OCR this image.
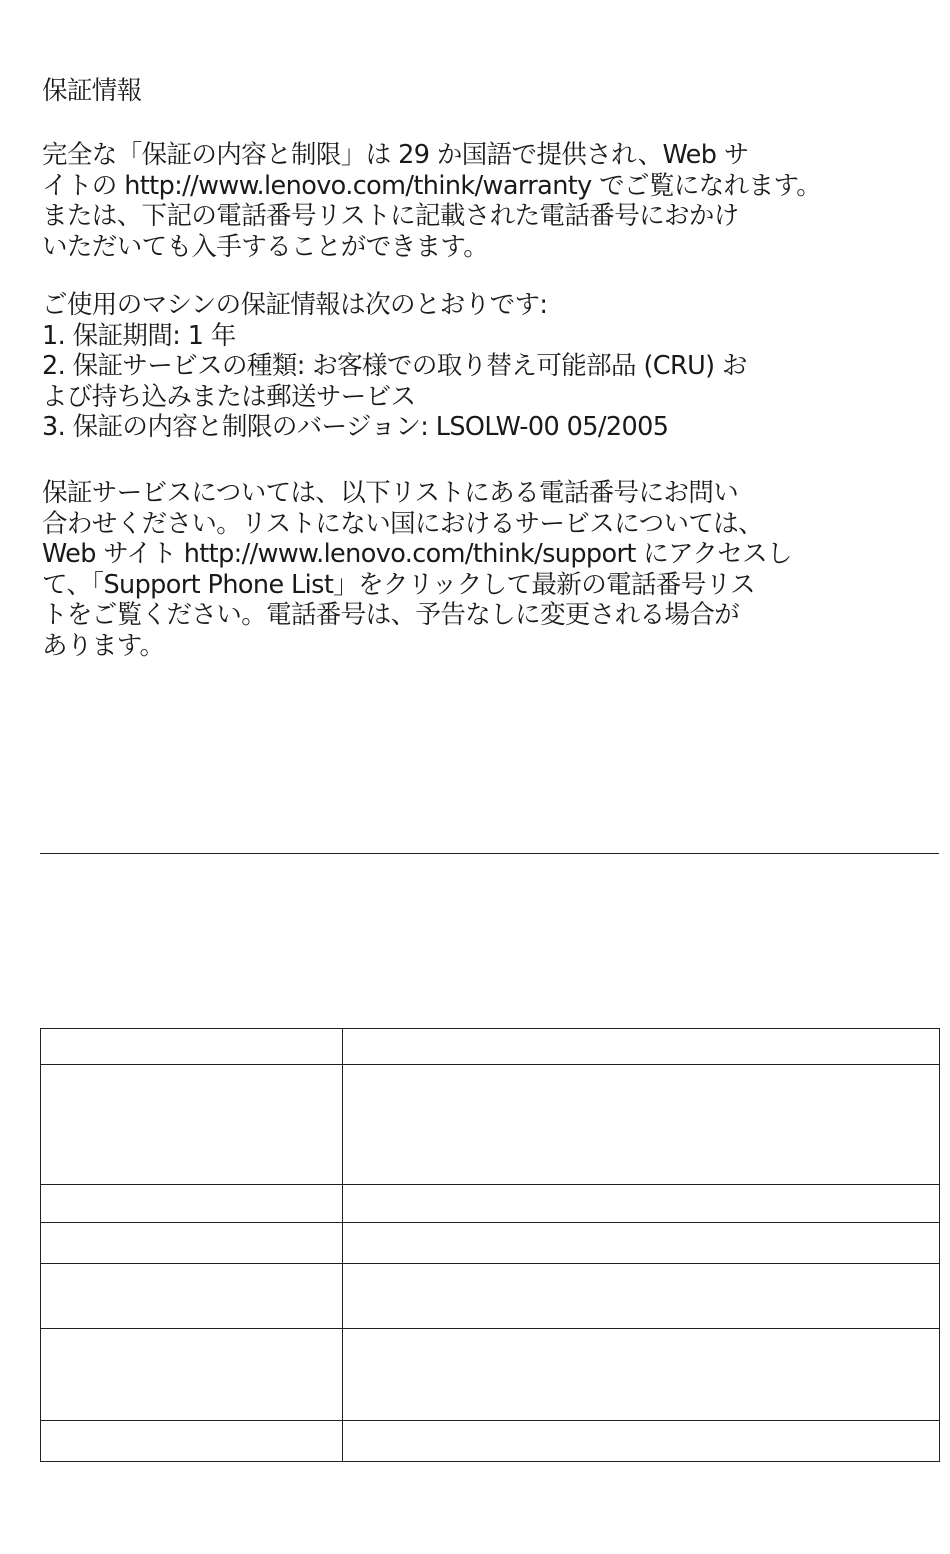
保証情報
完全な「保証の内容と制限」は 29 か国語で提供され、Web サ
イトの http://www.lenovo.com/think/warranty でご覧になれます。
または、下記の電話番号リストに記載された電話番号におかけ
いただいても入手することができます。
ご使用のマシンの保証情報は次のとおりです:
1. 保証期間: 1 年
2. 保証サービスの種類: お客様での取り替え可能部品 (CRU) お
よび持ち込みまたは郵送サービス
3. 保証の内容と制限のバージョン: LSOLW-00 05/2005
保証サービスについては、以下リストにある電話番号にお問い
合わせください。リストにない国におけるサービスについては、
Web サイト http://www.lenovo.com/think/support にアクセスし
て、「Support Phone List」をクリックして最新の電話番号リス
トをご覧ください。電話番号は、予告なしに変更される場合が
あります。
